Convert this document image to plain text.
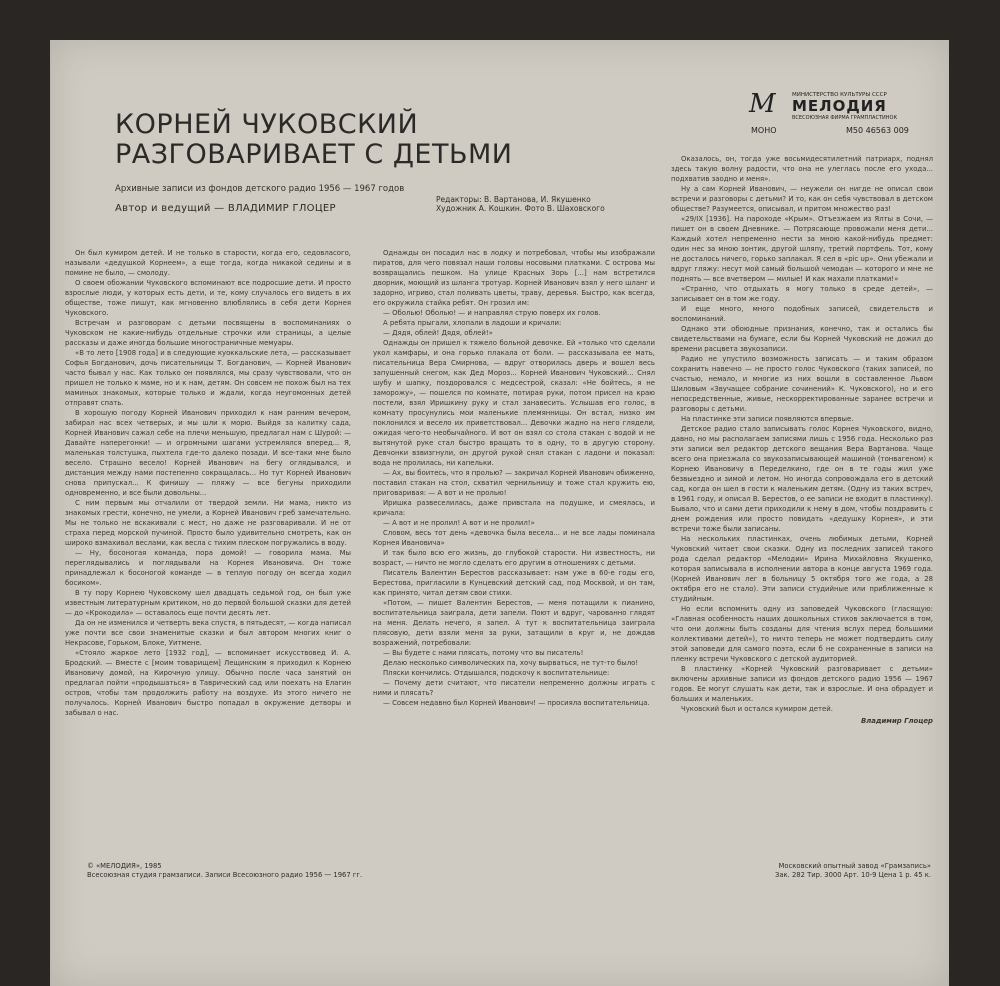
КОРНЕЙ ЧУКОВСКИЙ
РАЗГОВАРИВАЕТ С ДЕТЬМИ
Архивные записи из фондов детского радио 1956 — 1967 годов
Автор и ведущий — ВЛАДИМИР ГЛОЦЕР
Редакторы: В. Вартанова, И. Якушенко
Художник А. Кошкин. Фото В. Шаховского
М	МИНИСТЕРСТВО КУЛЬТУРЫ СССР
МЕЛОДИЯ
ВСЕСОЮЗНАЯ ФИРМА ГРАМПЛАСТИНОК
МОНО	М50 46563 009

Он был кумиром детей. И не только в старости, когда его, седовласого, называли «дедушкой Корнеем», а еще тогда, когда никакой седины и в помине не было, — смолоду.

О своем обожании Чуковского вспоминают все подросшие дети. И просто взрослые люди, у которых есть дети, и те, кому случалось его видеть в их обществе, тоже пишут, как мгновенно влюблялись в себя дети Корнея Чуковского.

Встречам и разговорам с детьми посвящены в воспоминаниях о Чуковском не какие-нибудь отдельные строчки или страницы, а целые рассказы и даже иногда большие многостраничные мемуары.

«В то лето [1908 года] и в следующие куоккальские лета, — рассказывает Софья Богданович, дочь писательницы Т. Богданович, — Корней Иванович часто бывал у нас. Как только он появлялся, мы сразу чувствовали, что он пришел не только к маме, но и к нам, детям. Он совсем не похож был на тех маминых знакомых, которые только и ждали, когда неугомонных детей отправят спать.

В хорошую погоду Корней Иванович приходил к нам ранним вечером, забирал нас всех четверых, и мы шли к морю. Выйдя за калитку сада, Корней Иванович сажал себе на плечи меньшую, предлагал нам с Шурой: — Давайте наперегонки! — и огромными шагами устремлялся вперед... Я, маленькая толстушка, пыхтела где-то далеко позади. И все-таки мне было весело. Страшно весело! Корней Иванович на бегу оглядывался, и дистанция между нами постепенно сокращалась... Но тут Корней Иванович снова припускал... К финишу — пляжу — все бегуны приходили одновременно, и все были довольны...

С ним первым мы отчалили от твердой земли. Ни мама, никто из знакомых грести, конечно, не умели, а Корней Иванович греб замечательно. Мы не только не вскакивали с мест, но даже не разговаривали. И не от страха перед морской пучиной. Просто было удивительно смотреть, как он широко взмахивал веслами, как весла с тихим плеском погружались в воду.

— Ну, босоногая команда, пора домой! — говорила мама. Мы переглядывались и поглядывали на Корнея Ивановича. Он тоже принадлежал к босоногой команде — в теплую погоду он всегда ходил босиком».

В ту пору Корнею Чуковскому шел двадцать седьмой год, он был уже известным литературным критиком, но до первой большой сказки для детей — до «Крокодила» — оставалось еще почти десять лет.

Да он не изменился и четверть века спустя, в пятьдесят, — когда написал уже почти все свои знаменитые сказки и был автором многих книг о Некрасове, Горьком, Блоке, Уитмене.

«Стояло жаркое лето [1932 год], — вспоминает искусствовед И. А. Бродский. — Вместе с [моим товарищем] Лещинским я приходил к Корнею Ивановичу домой, на Кирочную улицу. Обычно после часа занятий он предлагал пойти «продышаться» в Таврический сад или поехать на Елагин остров, чтобы там продолжить работу на воздухе. Из этого ничего не получалось. Корней Иванович быстро попадал в окружение детворы и забывал о нас.

Однажды он посадил нас в лодку и потребовал, чтобы мы изображали пиратов, для чего повязал наши головы носовыми платками. С острова мы возвращались пешком. На улице Красных Зорь [...] нам встретился дворник, моющий из шланга тротуар. Корней Иванович взял у него шланг и задорно, игриво, стал поливать цветы, траву, деревья. Быстро, как всегда, его окружила стайка ребят. Он грозил им:

— Оболью! Оболью! — и направлял струю поверх их голов.

А ребята прыгали, хлопали в ладоши и кричали:

— Дядя, облей! Дядя, облей!»

Однажды он пришел к тяжело больной девочке. Ей «только что сделали укол камфары, и она горько плакала от боли. — рассказывала ее мать, писательница Вера Смирнова, — вдруг отворилась дверь и вошел весь запушенный снегом, как Дед Мороз... Корней Иванович Чуковский... Снял шубу и шапку, поздоровался с медсестрой, сказал: «Не бойтесь, я не заморожу», — пошелся по комнате, потирая руки, потом присел на краю постели, взял Иришкину руку и стал занавесить. Услышав его голос, в комнату просунулись мои маленькие племянницы. Он встал, низко им поклонился и весело их приветствовал... Девочки жадно на него глядели, ожидая чего-то необычайного. И вот он взял со стола стакан с водой и не вытянутой руке стал быстро вращать то в одну, то в другую сторону. Девчонки взвизгнули, он другой рукой снял стакан с ладони и показал: вода не пролилась, ни капельки.

— Ах, вы боитесь, что я пролью? — закричал Корней Иванович обиженно, поставил стакан на стол, схватил чернильницу и тоже стал кружить ею, приговаривая: — А вот и не пролью!

Иришка развеселилась, даже привстала на подушке, и смеялась, и кричала:

— А вот и не пролил! А вот и не пролил!»

Словом, весь тот день «девочка была весела... и не все лады поминала Корнея Ивановича»

И так было всю его жизнь, до глубокой старости. Ни известность, ни возраст, — ничто не могло сделать его другим в отношениях с детьми.

Писатель Валентин Берестов рассказывает: нам уже в 60-е годы его, Берестова, пригласили в Кунцевский детский сад, под Москвой, и он там, как принято, читал детям свои стихи.

«Потом, — пишет Валентин Берестов, — меня потащили к пианино, воспитательница заиграла, дети запели. Поют и вдруг, чарованно глядят на меня. Делать нечего, я запел. А тут к воспитательница заиграла плясовую, дети взяли меня за руки, затащили в круг и, не дождав возражений, потребовали:

— Вы будете с нами плясать, потому что вы писатель!

Делаю несколько символических па, хочу вырваться, не тут-то было!

Пляски кончились. Отдышался, подскочу к воспитательнице:

— Почему дети считают, что писатели непременно должны играть с ними и плясать?

— Совсем недавно был Корней Иванович! — просияла воспитательница.

Оказалось, он, тогда уже восьмидесятилетний патриарх, поднял здесь такую волну радости, что она не улеглась после его ухода... подхватив заодно и меня».

Ну а сам Корней Иванович, — неужели он нигде не описал свои встречи и разговоры с детьми? И то, как он себя чувствовал в детском обществе? Разумеется, описывал, и притом множество раз!

«29/IX [1936]. На пароходе «Крым». Отъезжаем из Ялты в Сочи, — пишет он в своем Дневнике. — Потрясающе провожали меня дети... Каждый хотел непременно нести за мною какой-нибудь предмет: один нес за мною зонтик, другой шляпу, третий портфель. Тот, кому не досталось ничего, горько заплакал. Я сел в «pic up». Они убежали и вдруг гляжу: несут мой самый большой чемодан — которого и мне не поднять — все вчетвером — милые! И как махали платками!»

«Странно, что отдыхать я могу только в среде детей», — записывает он в том же году.

И еще много, много подобных записей, свидетельств и воспоминаний.

Однако эти обоюдные признания, конечно, так и остались бы свидетельствами на бумаге, если бы Корней Чуковский не дожил до времени расцвета звукозаписи.

Радио не упустило возможность записать — и таким образом сохранить навечно — не просто голос Чуковского (таких записей, по счастью, немало, и многие из них вошли в составленное Львом Шиловым «Звучащее собрание сочинений» К. Чуковского), но и его непосредственные, живые, нескорректированные заранее встречи и разговоры с детьми.

На пластинке эти записи появляются впервые.

Детское радио стало записывать голос Корнея Чуковского, видно, давно, но мы располагаем записями лишь с 1956 года. Несколько раз эти записи вел редактор детского вещания Вера Вартанова. Чаще всего она приезжала со звукозаписывающей машиной (тонвагеном) к Корнею Ивановичу в Переделкино, где он в те годы жил уже безвыездно и зимой и летом. Но иногда сопровождала его в детский сад, когда он шел в гости к маленьким детям. (Одну из таких встреч, в 1961 году, и описал В. Берестов, о ее записи не входит в пластинку). Бывало, что и сами дети приходили к нему в дом, чтобы поздравить с днем рождения или просто повидать «дедушку Корнея», и эти встречи тоже были записаны.

На нескольких пластинках, очень любимых детьми, Корней Чуковский читает свои сказки. Одну из последних записей такого рода сделал редактор «Мелодии» Ирина Михайловна Якушенко, которая записывала в исполнении автора в конце августа 1969 года. (Корней Иванович лег в больницу 5 октября того же года, а 28 октября его не стало). Эти записи студийные или приближенные к студийным.

Но если вспомнить одну из заповедей Чуковского (гласящую: «Главная особенность наших дошкольных стихов заключается в том, что они должны быть созданы для чтения вслух перед большими коллективами детей»), то ничто теперь не может подтвердить силу этой заповеди для самого поэта, если б не сохраненные в записи на пленку встречи Чуковского с детской аудиторией.

В пластинку «Корней Чуковский разговаривает с детьми» включены архивные записи из фондов детского радио 1956 — 1967 годов. Ее могут слушать как дети, так и взрослые. И она обрадует и больших и маленьких.

Чуковский был и остался кумиром детей.

Владимир Глоцер

© «МЕЛОДИЯ», 1985
Всесоюзная студия грамзаписи. Записи Всесоюзного радио 1956 — 1967 гг.
Московский опытный завод «Грамзапись»
Зак. 282 Тир. 3000 Арт. 10-9 Цена 1 р. 45 к.
